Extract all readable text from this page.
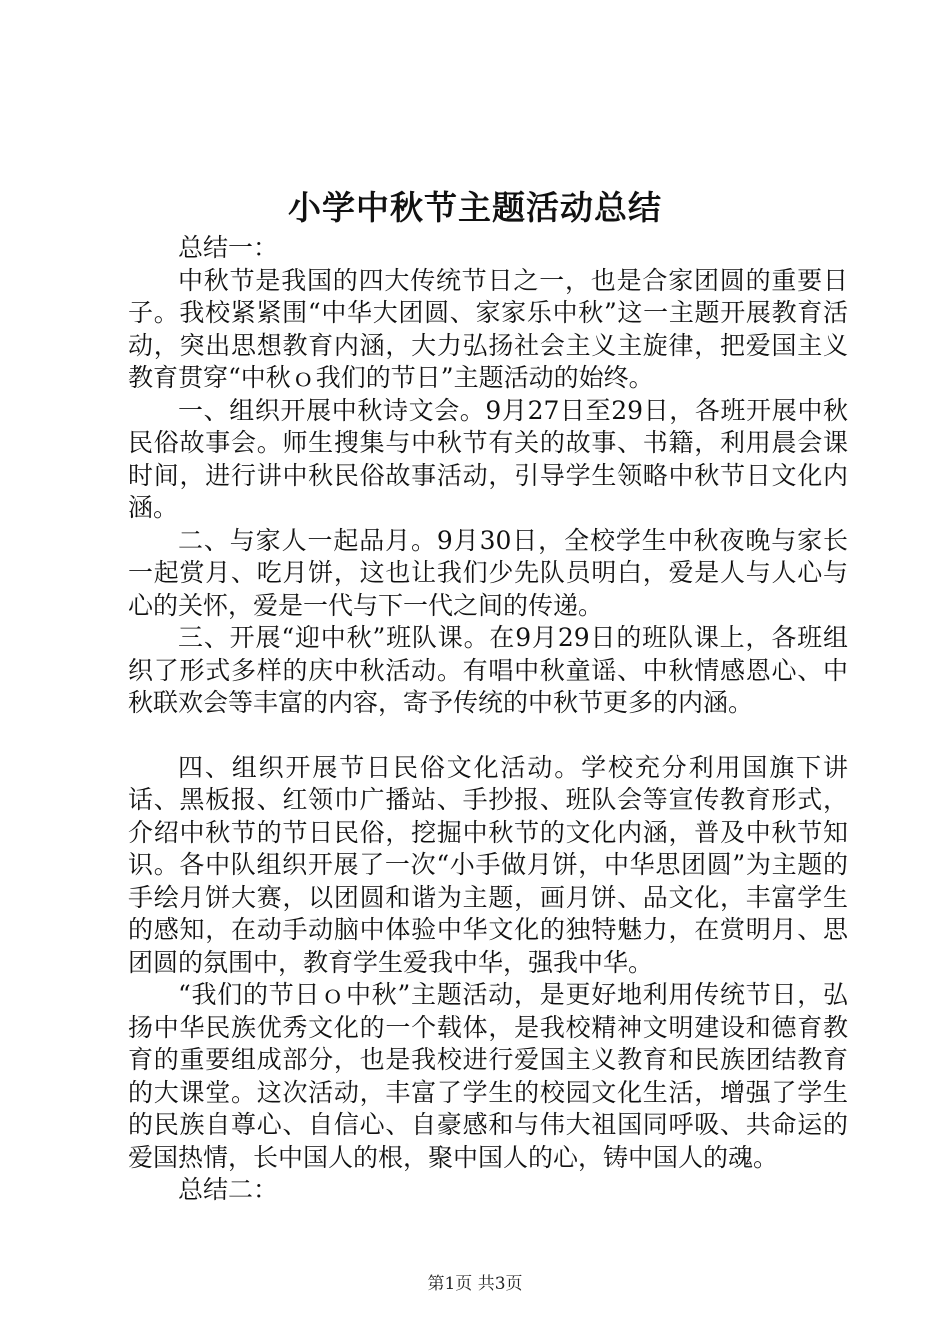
小学中秋节主题活动总结

总结一：

中秋节是我国的四大传统节日之一，也是合家团圆的重要日子。我校紧紧围“中华大团圆、家家乐中秋”这一主题开展教育活动，突出思想教育内涵，大力弘扬社会主义主旋律，把爱国主义教育贯穿“中秋ｏ我们的节日”主题活动的始终。

一、组织开展中秋诗文会。9月27日至29日，各班开展中秋民俗故事会。师生搜集与中秋节有关的故事、书籍，利用晨会课时间，进行讲中秋民俗故事活动，引导学生领略中秋节日文化内涵。

二、与家人一起品月。9月30日，全校学生中秋夜晚与家长一起赏月、吃月饼，这也让我们少先队员明白，爱是人与人心与心的关怀，爱是一代与下一代之间的传递。

三、开展“迎中秋”班队课。在9月29日的班队课上，各班组织了形式多样的庆中秋活动。有唱中秋童谣、中秋情感恩心、中秋联欢会等丰富的内容，寄予传统的中秋节更多的内涵。

四、组织开展节日民俗文化活动。学校充分利用国旗下讲话、黑板报、红领巾广播站、手抄报、班队会等宣传教育形式，介绍中秋节的节日民俗，挖掘中秋节的文化内涵，普及中秋节知识。各中队组织开展了一次“小手做月饼，中华思团圆”为主题的手绘月饼大赛，以团圆和谐为主题，画月饼、品文化，丰富学生的感知，在动手动脑中体验中华文化的独特魅力，在赏明月、思团圆的氛围中，教育学生爱我中华，强我中华。

“我们的节日ｏ中秋”主题活动，是更好地利用传统节日，弘扬中华民族优秀文化的一个载体，是我校精神文明建设和德育教育的重要组成部分，也是我校进行爱国主义教育和民族团结教育的大课堂。这次活动，丰富了学生的校园文化生活，增强了学生的民族自尊心、自信心、自豪感和与伟大祖国同呼吸、共命运的爱国热情，长中国人的根，聚中国人的心，铸中国人的魂。

总结二：

第1页 共3页
